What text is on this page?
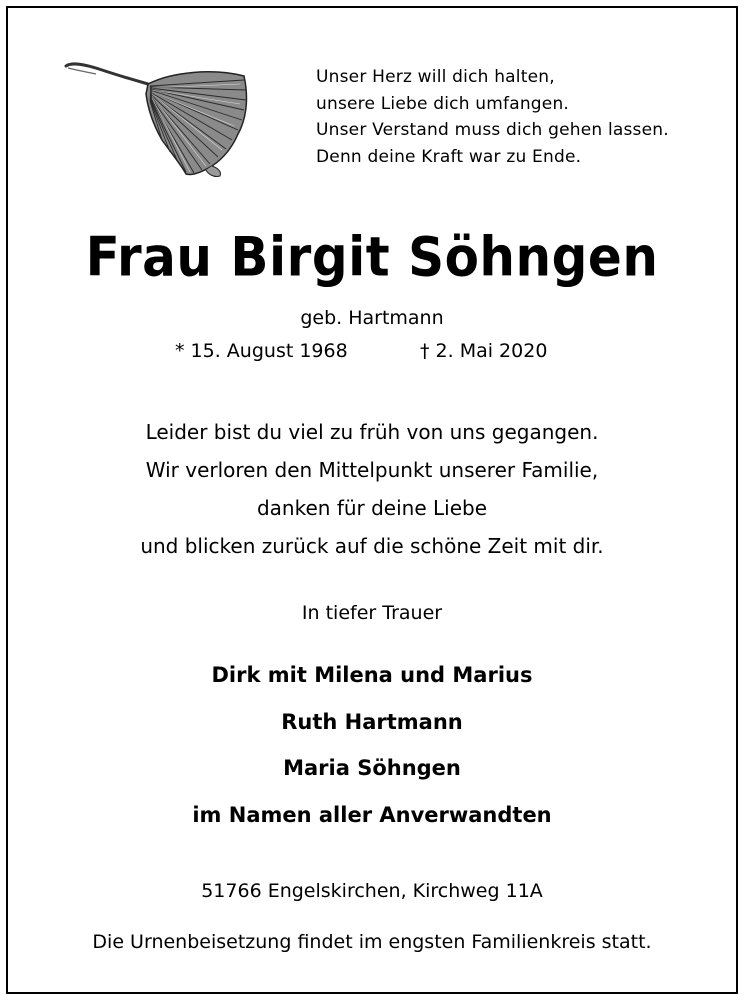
Unser Herz will dich halten,
unsere Liebe dich umfangen.
Unser Verstand muss dich gehen lassen.
Denn deine Kraft war zu Ende.
Frau Birgit Söhngen
geb. Hartmann
* 15. August 1968	† 2. Mai 2020
Leider bist du viel zu früh von uns gegangen.
Wir verloren den Mittelpunkt unserer Familie,
danken für deine Liebe
und blicken zurück auf die schöne Zeit mit dir.
In tiefer Trauer
Dirk mit Milena und Marius
Ruth Hartmann
Maria Söhngen
im Namen aller Anverwandten
51766 Engelskirchen, Kirchweg 11A
Die Urnenbeisetzung findet im engsten Familienkreis statt.
